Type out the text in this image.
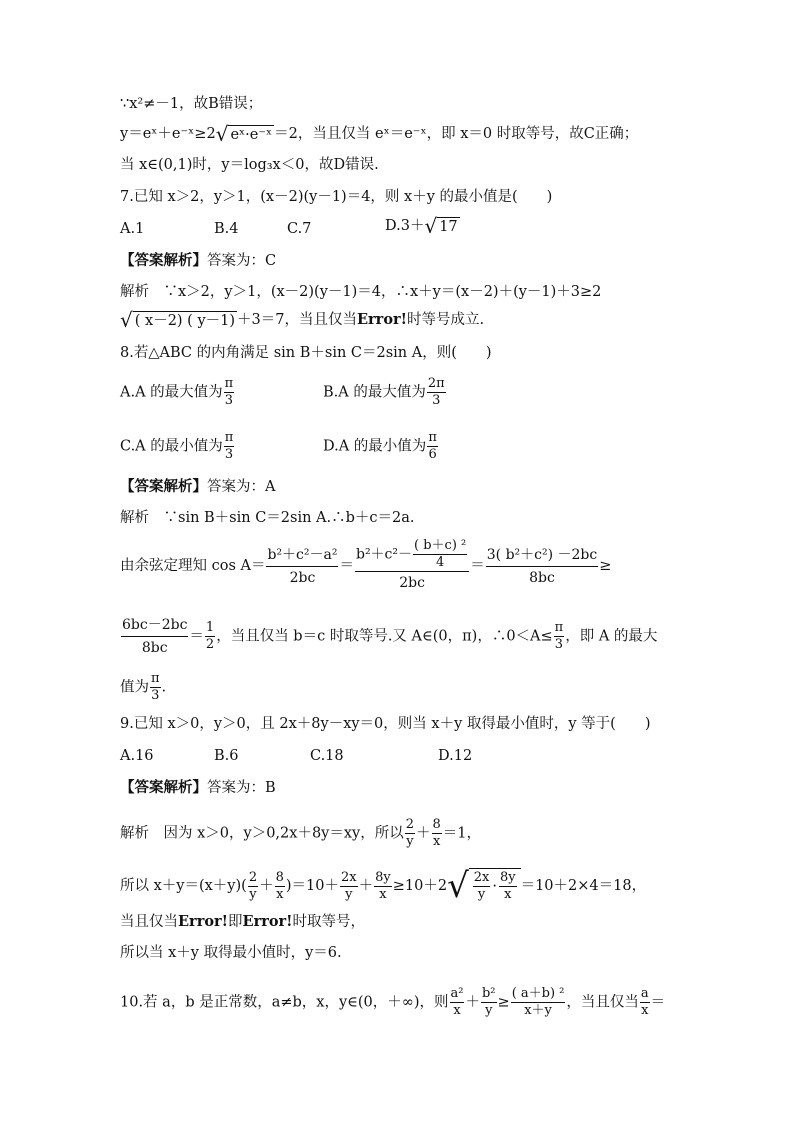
∵x²≠－1，故B错误；
y＝eˣ＋e⁻ˣ≥2√ eˣ·e⁻ˣ ＝2，当且仅当 eˣ＝e⁻ˣ，即 x＝0 时取等号，故C正确；
当 x∈(0,1)时，y＝log₃x＜0，故D错误.
7.已知 x＞2，y＞1，(x－2)(y－1)＝4，则 x＋y 的最小值是(　　)
A.1	B.4	C.7	D.3＋√ 17
【答案解析】答案为：C
解析　∵x＞2，y＞1，(x－2)(y－1)＝4，∴x＋y＝(x－2)＋(y－1)＋3≥2
√ ( x－2) ( y－1) ＋3＝7，当且仅当Error!时等号成立.
8.若△ABC 的内角满足 sin B＋sin C＝2sin A，则(　　)
A.A 的最大值为 $\frac{\pi}{3}$	B.A 的最大值为 $\frac{2\pi}{3}$
C.A 的最小值为 $\frac{\pi}{3}$	D.A 的最小值为 $\frac{\pi}{6}$
【答案解析】答案为：A
解析　∵sin B＋sin C＝2sin A.∴b＋c＝2a.
由余弦定理知 $\cos A= \frac{\text{b²＋c²－a²}}{2bc} = \frac{b^2+c^2- \frac{\text{( b＋c) ²}}{4}}{2bc} = \frac{\text{3( b²＋c²) －2bc}}{8bc}$ ≥
$\frac{6bc-2bc}{8bc} = \frac{1}{2}$ ，当且仅当 b＝c 时取等号.又 A∈(0，π)，∴0＜A≤ $\frac{\pi}{3}$ ，即 A 的最大
值为 $\frac{\pi}{3}$ .
9.已知 x＞0，y＞0，且 2x＋8y－xy＝0，则当 x＋y 取得最小值时，y 等于(　　)
A.16	B.6	C.18	D.12
【答案解析】答案为：B
解析　因为 x＞0，y＞0,2x＋8y＝xy，所以 $\frac{2}{y} + \frac{8}{x} =1$，
所以 $x+y=(x+y)( \frac{2}{y} + \frac{8}{x} )=10+ \frac{2x}{y} + \frac{8y}{x} \ge 10+2√ \frac{2x}{y} \cdot \frac{8y}{x} =10+2\times 4=18$，
当且仅当Error!即Error!时取等号，
所以当 x＋y 取得最小值时，y＝6.
10.若 a，b 是正常数，a≠b，x，y∈(0，＋∞)，则 $\frac{\text{a²}}{x} + \frac{\text{b²}}{y} \ge \frac{\text{( a＋b) ²}}{x+y}$ ，当且仅当 $\frac{a}{x}$ ＝
